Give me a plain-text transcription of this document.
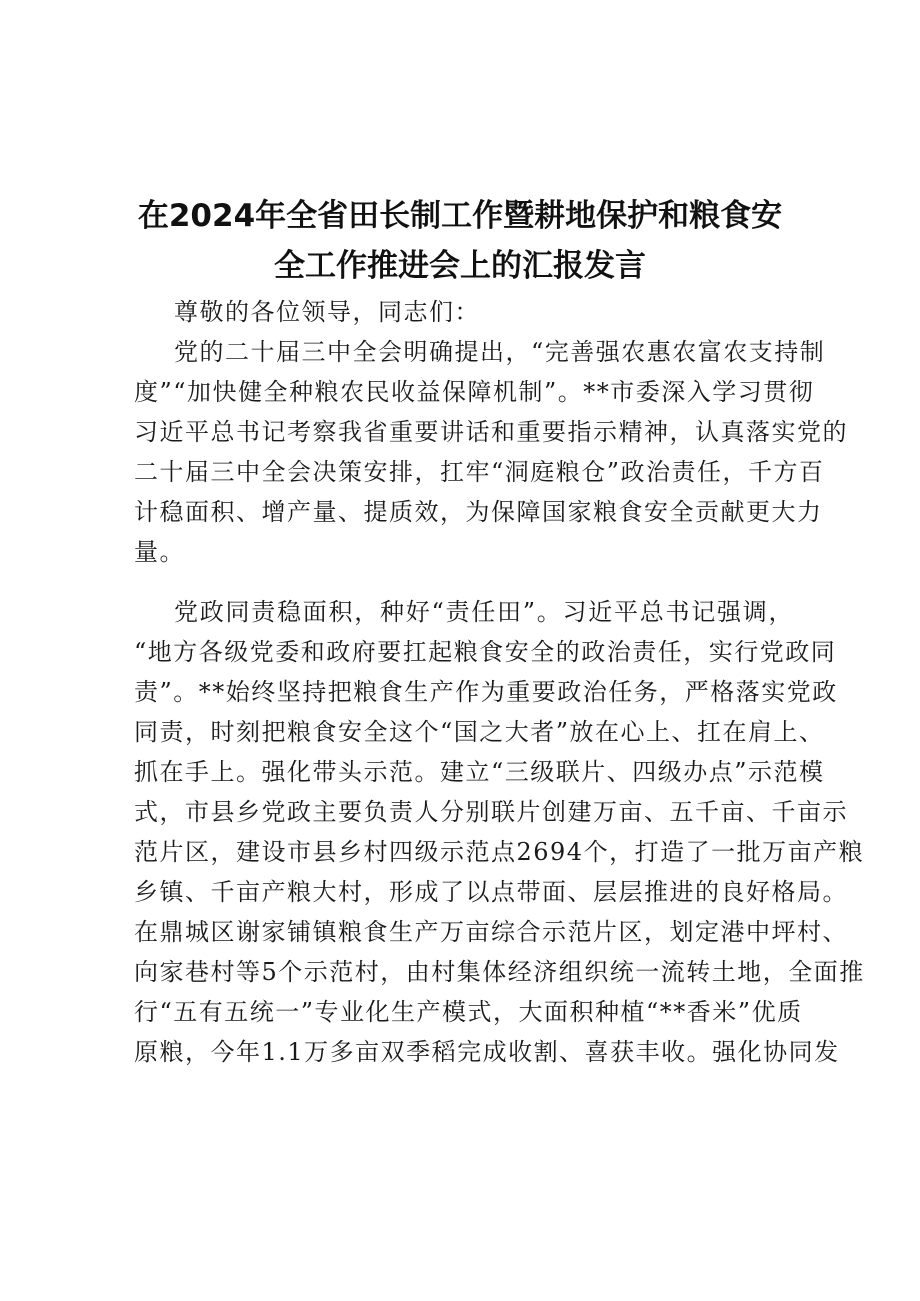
在2024年全省田长制工作暨耕地保护和粮食安
全工作推进会上的汇报发言

尊敬的各位领导，同志们：

党的二十届三中全会明确提出，“完善强农惠农富农支持制

度”“加快健全种粮农民收益保障机制”。**市委深入学习贯彻

习近平总书记考察我省重要讲话和重要指示精神，认真落实党的

二十届三中全会决策安排，扛牢“洞庭粮仓”政治责任，千方百

计稳面积、增产量、提质效，为保障国家粮食安全贡献更大力

量。

党政同责稳面积，种好“责任田”。习近平总书记强调，

“地方各级党委和政府要扛起粮食安全的政治责任，实行党政同

责”。**始终坚持把粮食生产作为重要政治任务，严格落实党政

同责，时刻把粮食安全这个“国之大者”放在心上、扛在肩上、

抓在手上。强化带头示范。建立“三级联片、四级办点”示范模

式，市县乡党政主要负责人分别联片创建万亩、五千亩、千亩示

范片区，建设市县乡村四级示范点2694个，打造了一批万亩产粮

乡镇、千亩产粮大村，形成了以点带面、层层推进的良好格局。

在鼎城区谢家铺镇粮食生产万亩综合示范片区，划定港中坪村、

向家巷村等5个示范村，由村集体经济组织统一流转土地，全面推

行“五有五统一”专业化生产模式，大面积种植“**香米”优质

原粮，今年1.1万多亩双季稻完成收割、喜获丰收。强化协同发
